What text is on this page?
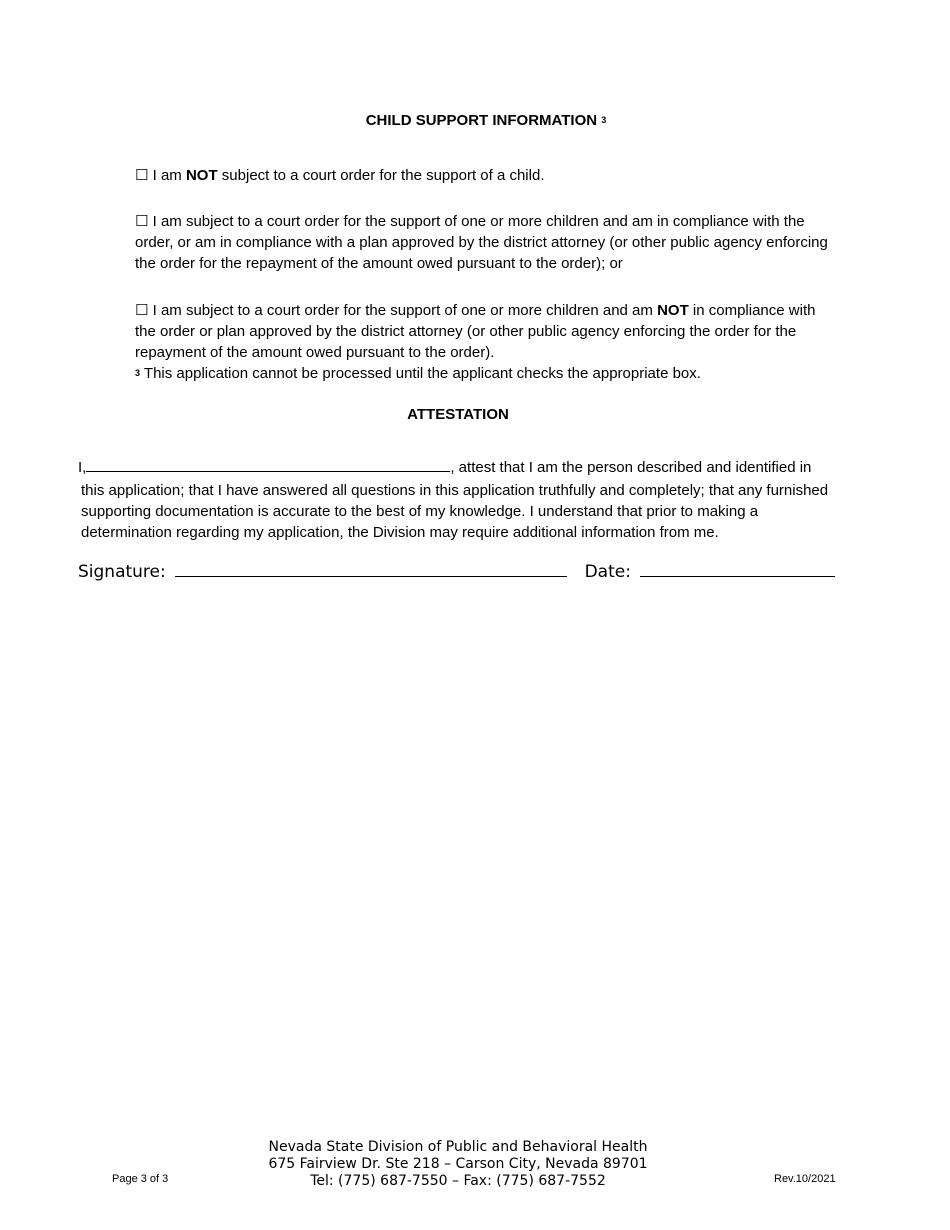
CHILD SUPPORT INFORMATION $^3$
☐ I am NOT subject to a court order for the support of a child.
☐ I am subject to a court order for the support of one or more children and am in compliance with the order, or am in compliance with a plan approved by the district attorney (or other public agency enforcing the order for the repayment of the amount owed pursuant to the order); or
☐ I am subject to a court order for the support of one or more children and am NOT in compliance with the order or plan approved by the district attorney (or other public agency enforcing the order for the repayment of the amount owed pursuant to the order).
$^3$ This application cannot be processed until the applicant checks the appropriate box.
ATTESTATION
I,	, attest that I am the person described and identified in
this application; that I have answered all questions in this application truthfully and completely; that any furnished supporting documentation is accurate to the best of my knowledge. I understand that prior to making a determination regarding my application, the Division may require additional information from me.
Signature:	Date:
Page 3 of 3
Nevada State Division of Public and Behavioral Health
675 Fairview Dr. Ste 218 – Carson City, Nevada 89701
Tel: (775) 687-7550 – Fax: (775) 687-7552	Rev.10/2021
